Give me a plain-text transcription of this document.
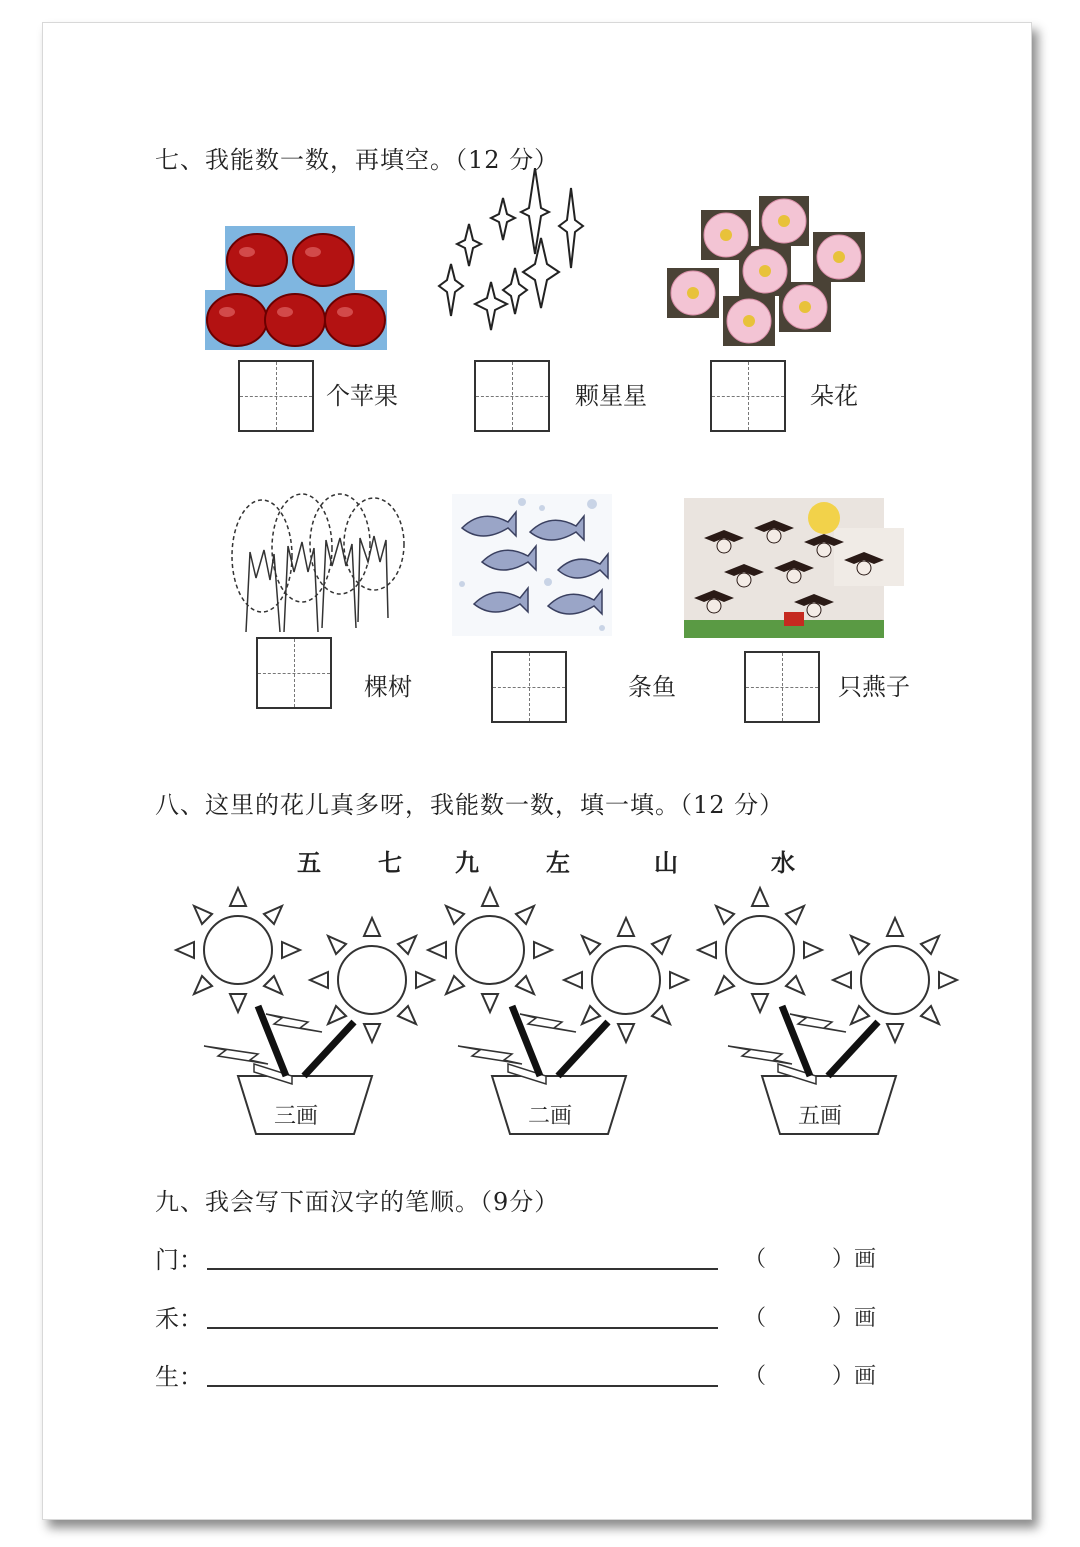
七、我能数一数，再填空。（12 分）
个苹果	颗星星	朵花
棵树	条鱼	只燕子
八、这里的花儿真多呀，我能数一数，填一填。（12 分）
五 七 九	左	山	水
三画	二画	五画
九、我会写下面汉字的笔顺。（9分）
门：	（	）画
禾：	（	）画
生：	（	）画
